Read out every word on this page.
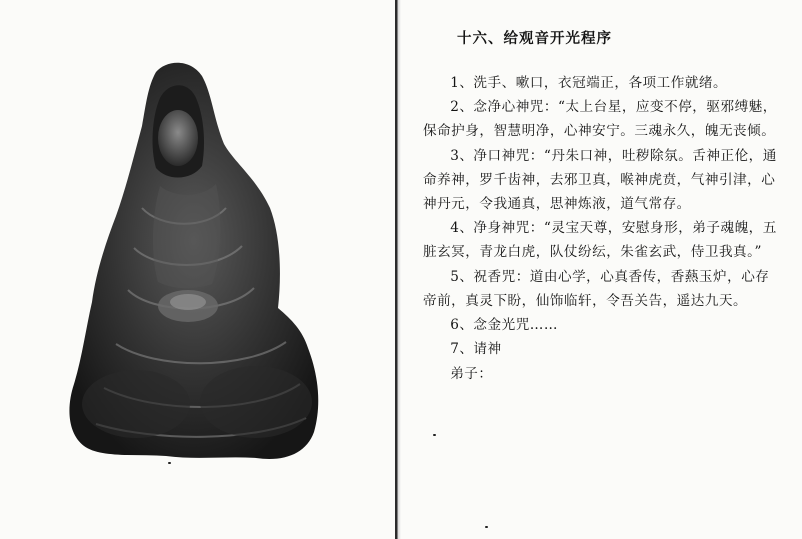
十六、给观音开光程序

1、洗手、嗽口，衣冠端正，各项工作就绪。

2、念净心神咒：“太上台星，应变不停，驱邪缚魅，保命护身，智慧明净，心神安宁。三魂永久，魄无丧倾。

3、净口神咒：“丹朱口神，吐秽除氛。舌神正伦，通命养神，罗千齿神，去邪卫真，喉神虎贲，气神引津，心神丹元，令我通真，思神炼液，道气常存。

4、净身神咒：“灵宝天尊，安慰身形，弟子魂魄，五脏玄冥，青龙白虎，队仗纷纭，朱雀玄武，侍卫我真。”

5、祝香咒：道由心学，心真香传，香爇玉炉，心存帝前，真灵下盼，仙饰临轩，令吾关告，遥达九天。

6、念金光咒……

7、请神

弟子：
